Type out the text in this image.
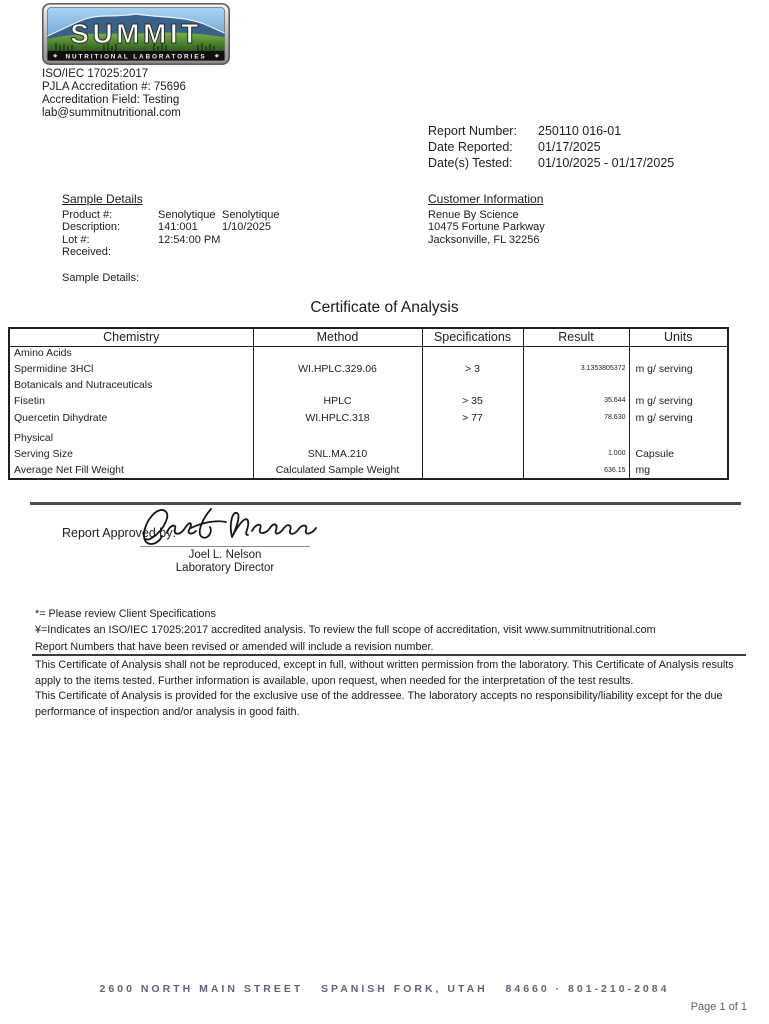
SUMMIT
NUTRITIONAL LABORATORIES
ISO/IEC 17025:2017
PJLA Accreditation #: 75696
Accreditation Field: Testing
lab@summitnutritional.com
Report Number:	250110 016-01
Date Reported:	01/17/2025
Date(s) Tested:	01/10/2025 - 01/17/2025
Sample Details
Product #:	Senolytique Senolytique
Description:	141:001	1/10/2025
Lot #:	12:54:00 PM
Received:
Sample Details:
Customer Information
Renue By Science
10475 Fortune Parkway
Jacksonville, FL 32256
Certificate of Analysis
Chemistry	Method	Specifications	Result	Units
Amino Acids				
Spermidine 3HCl	WI.HPLC.329.06	> 3	3.1353805372	m g/ serving
Botanicals and Nutraceuticals				
Fisetin	HPLC	> 35	35.644	m g/ serving
Quercetin Dihydrate	WI.HPLC.318	> 77	78.630	m g/ serving
Physical				
Serving Size	SNL.MA.210		1.000	Capsule
Average Net Fill Weight	Calculated Sample Weight		636.15	mg
Report Approved by:
Joel L. Nelson
Laboratory Director
*= Please review Client Specifications
¥=Indicates an ISO/IEC 17025:2017 accredited analysis. To review the full scope of accreditation, visit www.summitnutritional.com
Report Numbers that have been revised or amended will include a revision number.

This Certificate of Analysis shall not be reproduced, except in full, without written permission from the laboratory. This Certificate of Analysis results apply to the items tested. Further information is available, upon request, when needed for the interpretation of the test results.

This Certificate of Analysis is provided for the exclusive use of the addressee. The laboratory accepts no responsibility/liability except for the due performance of inspection and/or analysis in good faith.

2600 NORTH MAIN STREET   SPANISH FORK, UTAH   84660 · 801-210-2084
Page 1 of 1
